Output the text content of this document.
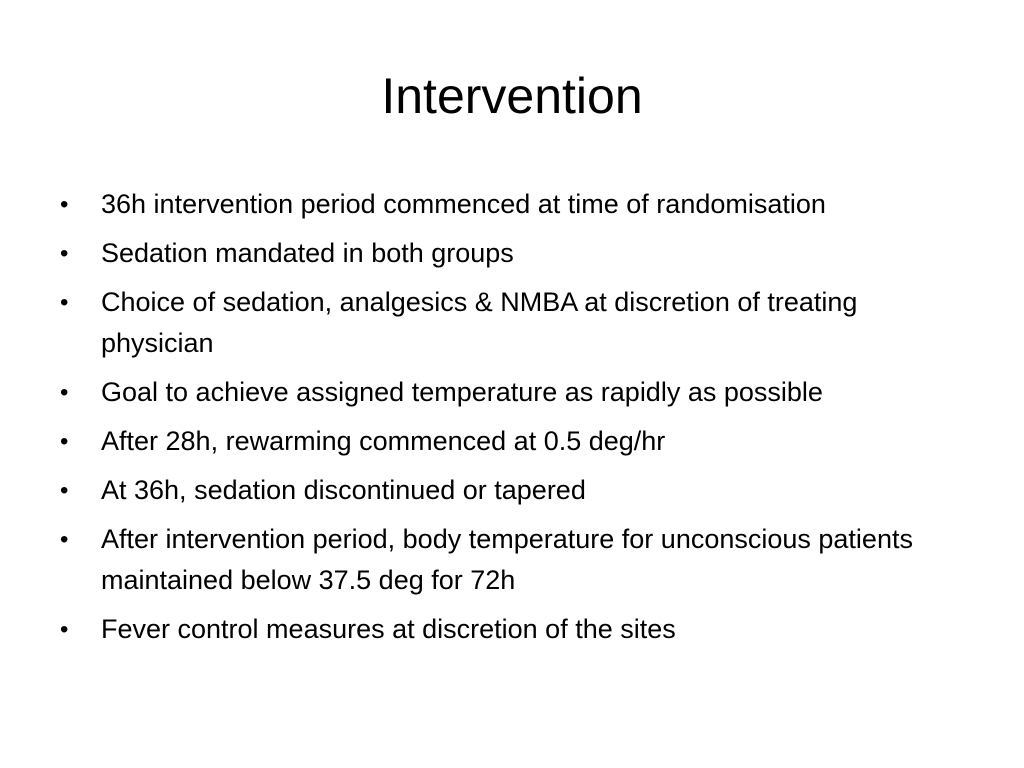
Intervention
• 36h intervention period commenced at time of randomisation
• Sedation mandated in both groups
• Choice of sedation, analgesics & NMBA at discretion of treating physician
• Goal to achieve assigned temperature as rapidly as possible
• After 28h, rewarming commenced at 0.5 deg/hr
• At 36h, sedation discontinued or tapered
• After intervention period, body temperature for unconscious patients maintained below 37.5 deg for 72h
• Fever control measures at discretion of the sites
